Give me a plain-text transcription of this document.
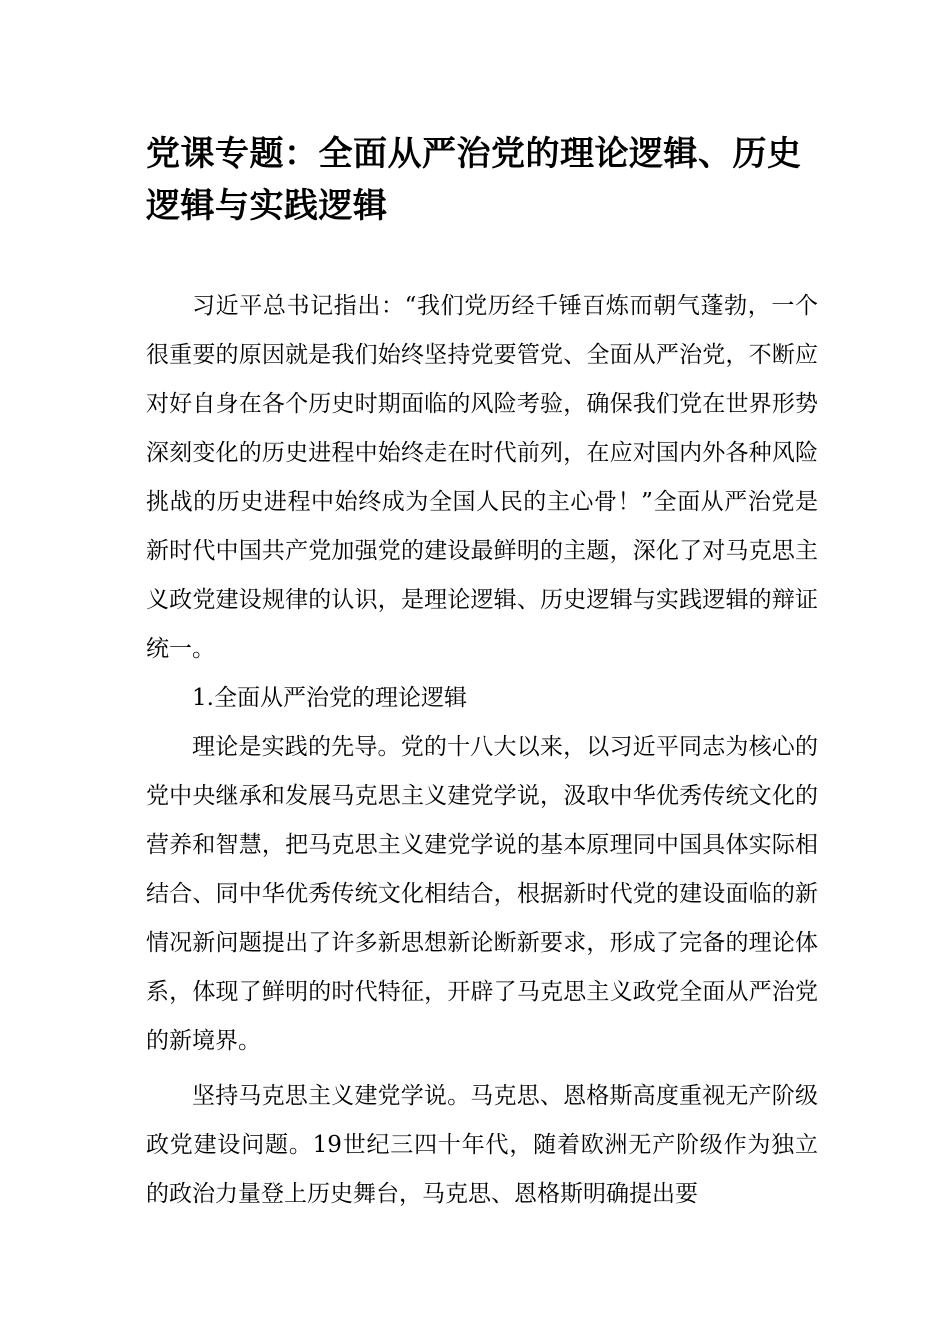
党课专题：全面从严治党的理论逻辑、历史逻辑与实践逻辑

习近平总书记指出：“我们党历经千锤百炼而朝气蓬勃，一个很重要的原因就是我们始终坚持党要管党、全面从严治党，不断应对好自身在各个历史时期面临的风险考验，确保我们党在世界形势深刻变化的历史进程中始终走在时代前列，在应对国内外各种风险挑战的历史进程中始终成为全国人民的主心骨！”全面从严治党是新时代中国共产党加强党的建设最鲜明的主题，深化了对马克思主义政党建设规律的认识，是理论逻辑、历史逻辑与实践逻辑的辩证统一。

1.全面从严治党的理论逻辑

理论是实践的先导。党的十八大以来，以习近平同志为核心的党中央继承和发展马克思主义建党学说，汲取中华优秀传统文化的营养和智慧，把马克思主义建党学说的基本原理同中国具体实际相结合、同中华优秀传统文化相结合，根据新时代党的建设面临的新情况新问题提出了许多新思想新论断新要求，形成了完备的理论体系，体现了鲜明的时代特征，开辟了马克思主义政党全面从严治党的新境界。

坚持马克思主义建党学说。马克思、恩格斯高度重视无产阶级政党建设问题。19世纪三四十年代，随着欧洲无产阶级作为独立的政治力量登上历史舞台，马克思、恩格斯明确提出要
